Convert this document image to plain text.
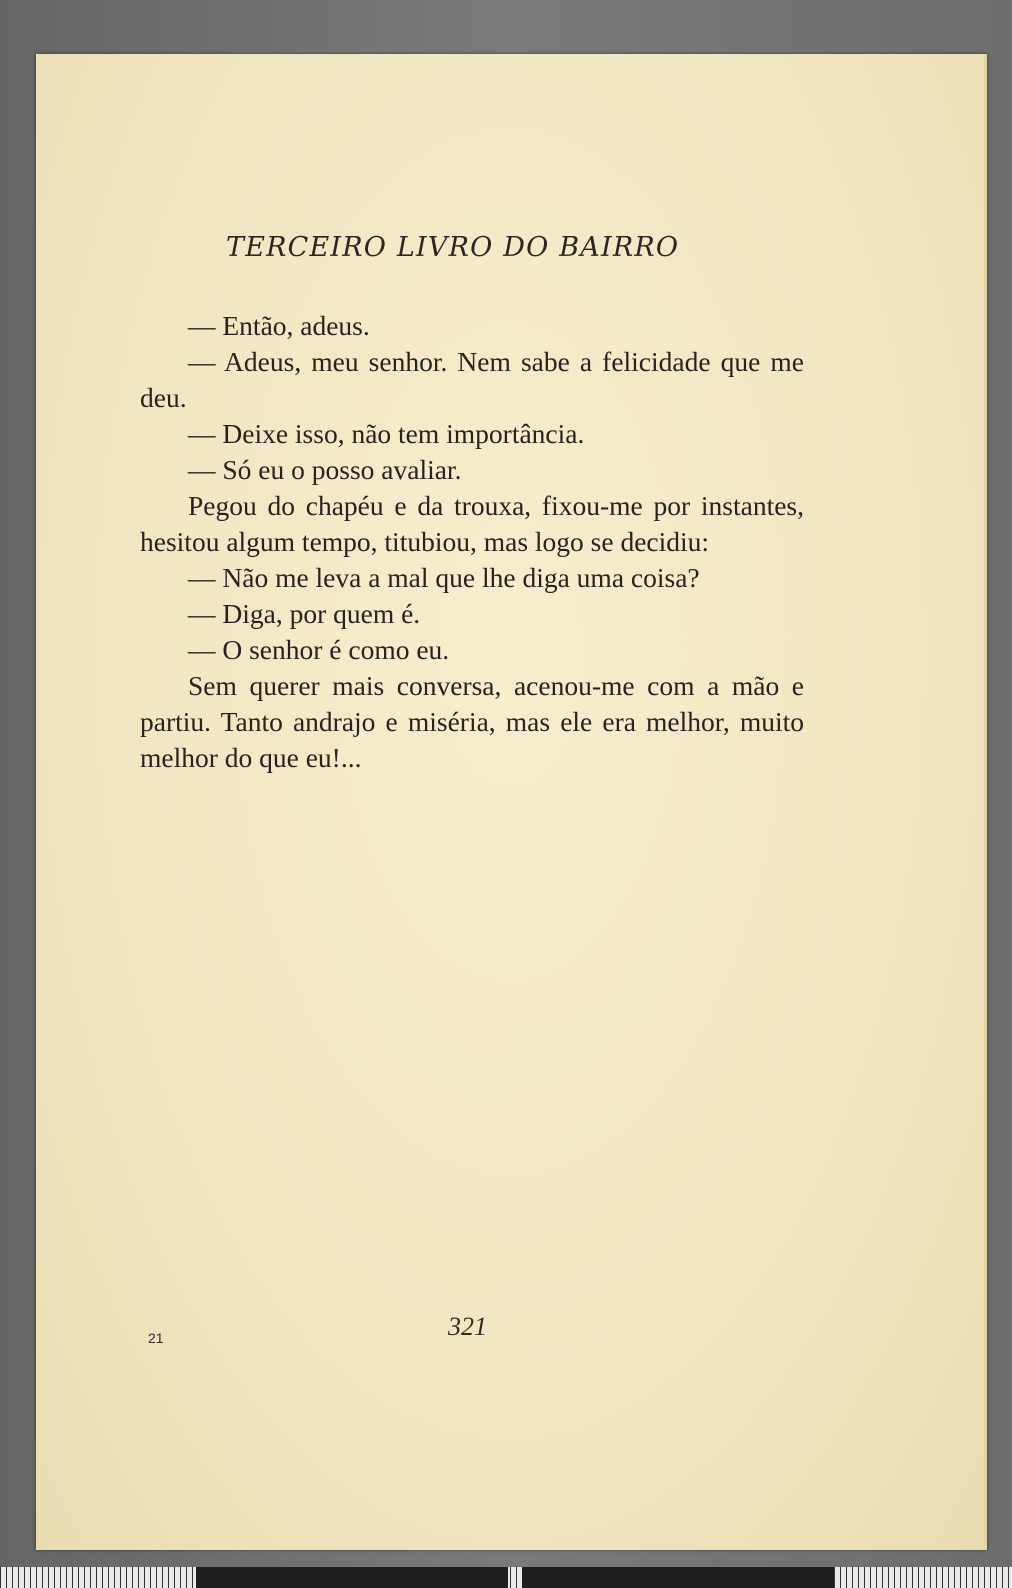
TERCEIRO LIVRO DO BAIRRO

— Então, adeus.

— Adeus, meu senhor. Nem sabe a felicidade que me deu.

— Deixe isso, não tem importância.

— Só eu o posso avaliar.

Pegou do chapéu e da trouxa, fixou-me por instantes, hesitou algum tempo, titubiou, mas logo se decidiu:

— Não me leva a mal que lhe diga uma coisa?

— Diga, por quem é.

— O senhor é como eu.

Sem querer mais conversa, acenou-me com a mão e partiu. Tanto andrajo e miséria, mas ele era melhor, muito melhor do que eu!...

321
21
